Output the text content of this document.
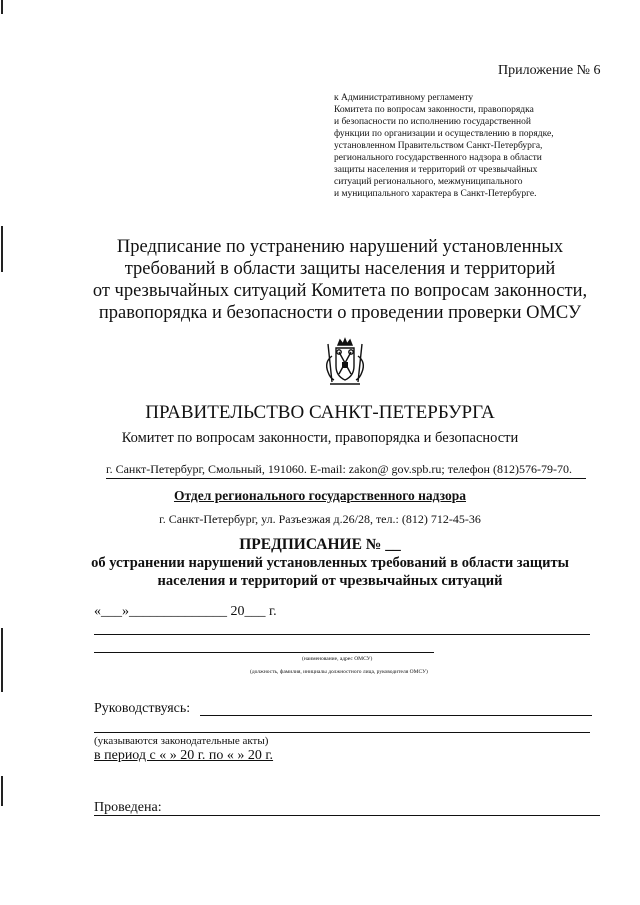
Приложение № 6
к Административному регламенту
Комитета по вопросам законности, правопорядка
и безопасности по исполнению государственной
функции по организации и осуществлению в порядке,
установленном Правительством Санкт-Петербурга,
регионального государственного надзора в области
защиты населения и территорий от чрезвычайных
ситуаций регионального, межмуниципального
и муниципального характера в Санкт-Петербурге.
Предписание по устранению нарушений установленных
требований в области защиты населения и территорий
от чрезвычайных ситуаций Комитета по вопросам законности,
правопорядка и безопасности о проведении проверки ОМСУ
ПРАВИТЕЛЬСТВО САНКТ-ПЕТЕРБУРГА
Комитет по вопросам законности, правопорядка и безопасности
г. Санкт-Петербург, Смольный, 191060. E-mail: zakon@ gov.spb.ru; телефон (812)576-79-70.
Отдел регионального государственного надзора
г. Санкт-Петербург, ул. Разъезжая д.26/28, тел.: (812) 712-45-36
ПРЕДПИСАНИЕ № __
об устранении нарушений установленных требований в области защиты
населения и территорий от чрезвычайных ситуаций
«___»______________ 20___ г.
(наименование, адрес ОМСУ)
(должность, фамилия, инициалы должностного лица, руководителя ОМСУ)
Руководствуясь:
(указываются законодательные акты)
в период с « » 20 г. по « » 20 г.
Проведена:
